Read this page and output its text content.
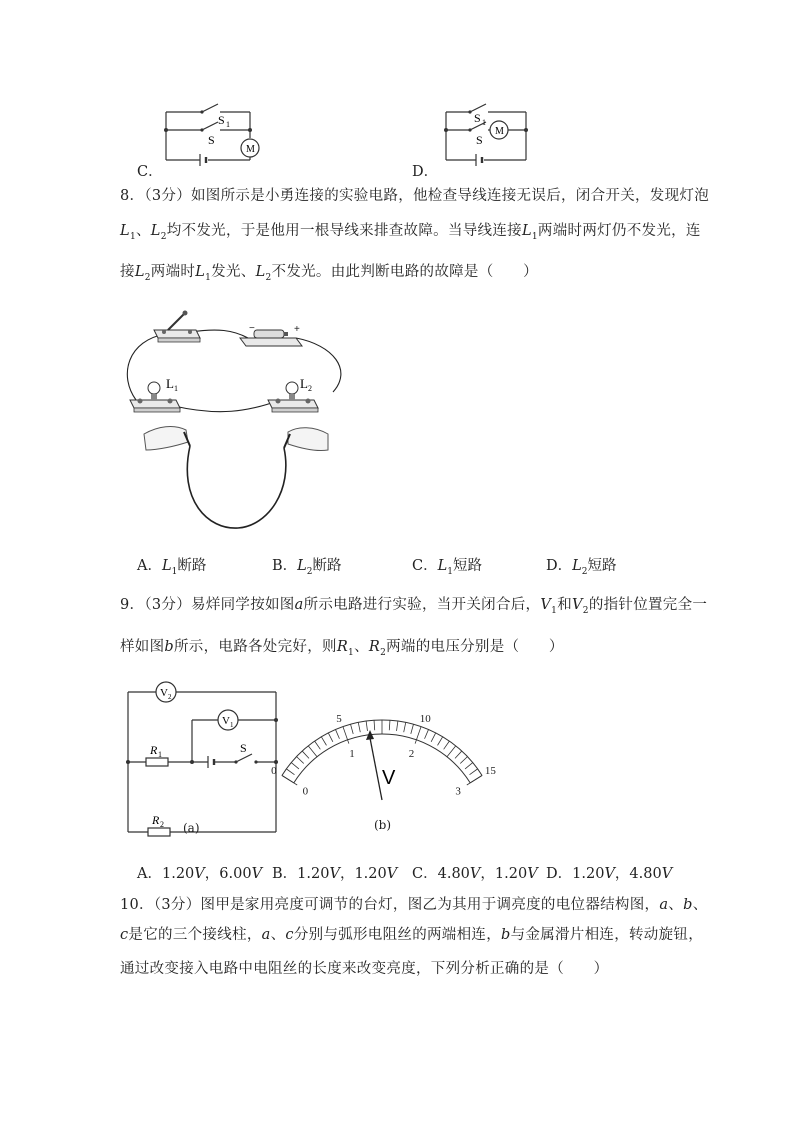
C．
S 1
S
M
D．
S 1
S
M
8．（3分）如图所示是小勇连接的实验电路，他检查导线连接无误后，闭合开关，发现灯泡
$L_1$、$L_2$均不发光，于是他用一根导线来排查故障。当导线连接$L_1$两端时两灯仍不发光，连
接$L_2$两端时$L_1$发光、$L_2$不发光。由此判断电路的故障是（　　）
−	+
L 1	L 2
A．$L_1$断路	B．$L_2$断路	C．$L_1$短路	D．$L_2$短路
9．（3分）易烊同学按如图a所示电路进行实验，当开关闭合后，$V_1$和$V_2$的指针位置完全一
样如图b所示，电路各处完好，则$R_1$、$R_2$两端的电压分别是（　　）
V 2
V 1
R 1	S
R 2 (a)
0
5	10
15
0
1	2
3
V
(b)
A．1.20V，6.00V B．1.20V，1.20V C．4.80V，1.20V D．1.20V，4.80V
10．（3分）图甲是家用亮度可调节的台灯，图乙为其用于调亮度的电位器结构图，a、b、
c是它的三个接线柱，a、c分别与弧形电阻丝的两端相连，b与金属滑片相连，转动旋钮，
通过改变接入电路中电阻丝的长度来改变亮度，下列分析正确的是（　　）
